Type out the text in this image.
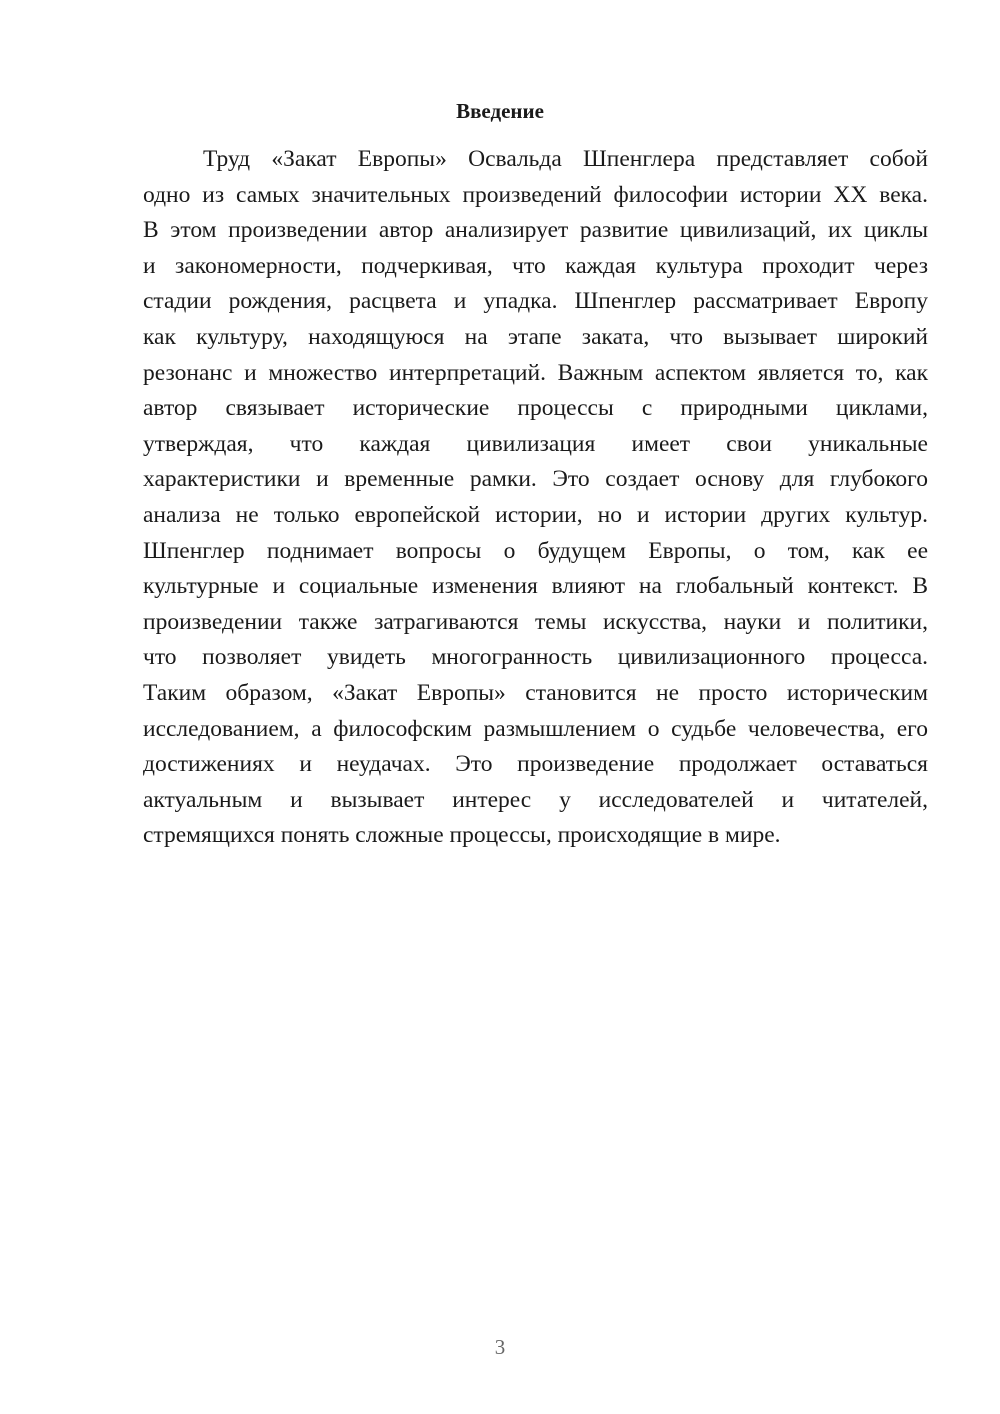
Введение
Труд «Закат Европы» Освальда Шпенглера представляет собой
одно из самых значительных произведений философии истории XX века.
В этом произведении автор анализирует развитие цивилизаций, их циклы
и закономерности, подчеркивая, что каждая культура проходит через
стадии рождения, расцвета и упадка. Шпенглер рассматривает Европу
как культуру, находящуюся на этапе заката, что вызывает широкий
резонанс и множество интерпретаций. Важным аспектом является то, как
автор связывает исторические процессы с природными циклами,
утверждая, что каждая цивилизация имеет свои уникальные
характеристики и временные рамки. Это создает основу для глубокого
анализа не только европейской истории, но и истории других культур.
Шпенглер поднимает вопросы о будущем Европы, о том, как ее
культурные и социальные изменения влияют на глобальный контекст. В
произведении также затрагиваются темы искусства, науки и политики,
что позволяет увидеть многогранность цивилизационного процесса.
Таким образом, «Закат Европы» становится не просто историческим
исследованием, а философским размышлением о судьбе человечества, его
достижениях и неудачах. Это произведение продолжает оставаться
актуальным и вызывает интерес у исследователей и читателей,
стремящихся понять сложные процессы, происходящие в мире.
3
